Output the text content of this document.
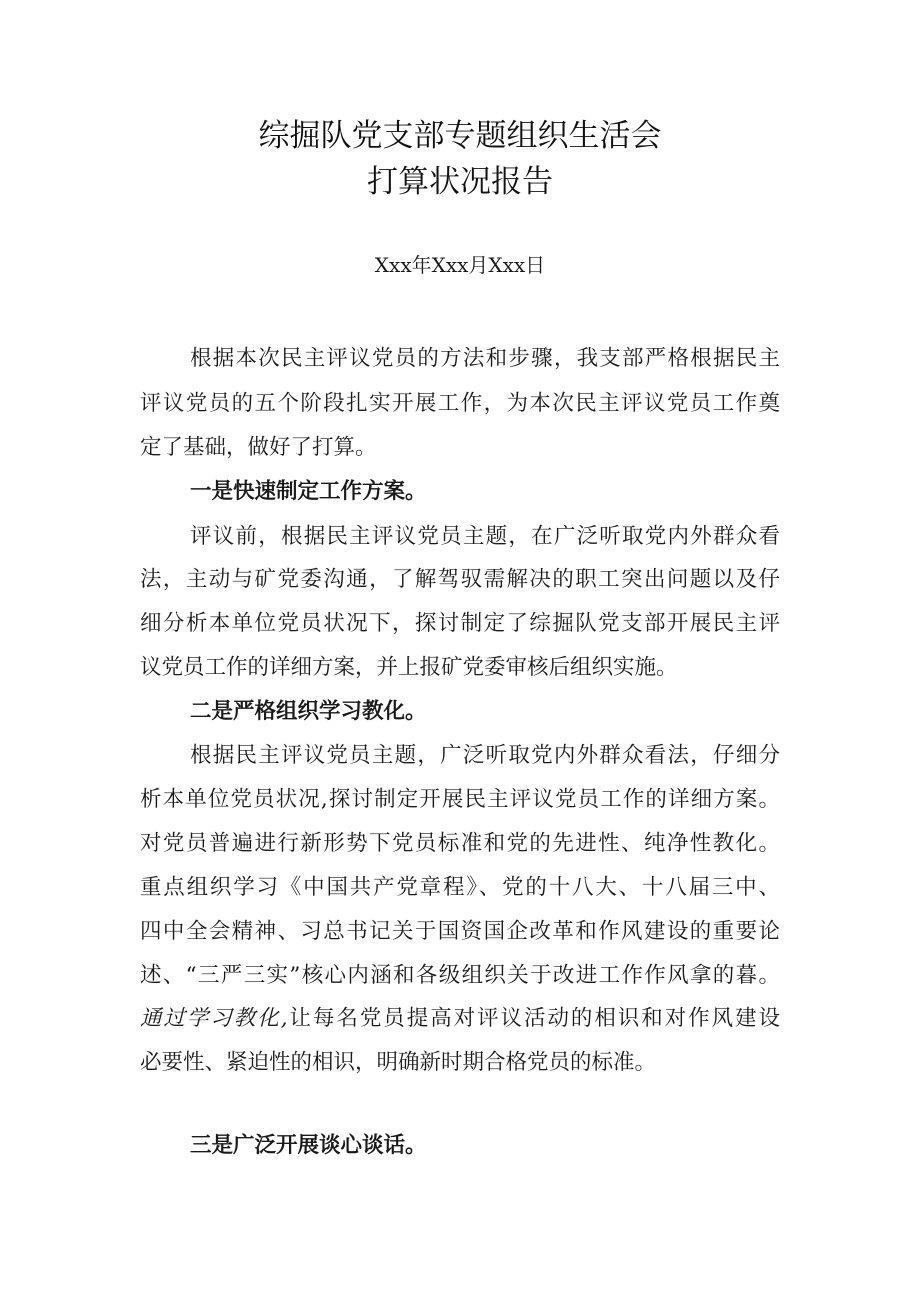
综掘队党支部专题组织生活会
打算状况报告
Xxx年Xxx月Xxx日
根据本次民主评议党员的方法和步骤，我支部严格根据民主
评议党员的五个阶段扎实开展工作，为本次民主评议党员工作奠
定了基础，做好了打算。
一是快速制定工作方案。
评议前，根据民主评议党员主题，在广泛听取党内外群众看
法，主动与矿党委沟通，了解驾驭需解决的职工突出问题以及仔
细分析本单位党员状况下，探讨制定了综掘队党支部开展民主评
议党员工作的详细方案，并上报矿党委审核后组织实施。
二是严格组织学习教化。
根据民主评议党员主题，广泛听取党内外群众看法，仔细分
析本单位党员状况,探讨制定开展民主评议党员工作的详细方案。
对党员普遍进行新形势下党员标准和党的先进性、纯净性教化。
重点组织学习《中国共产党章程》、党的十八大、十八届三中、
四中全会精神、习总书记关于国资国企改革和作风建设的重要论
述、“三严三实”核心内涵和各级组织关于改进工作作风拿的暮。
通过学习教化,让每名党员提高对评议活动的相识和对作风建设
必要性、紧迫性的相识，明确新时期合格党员的标准。
三是广泛开展谈心谈话。
